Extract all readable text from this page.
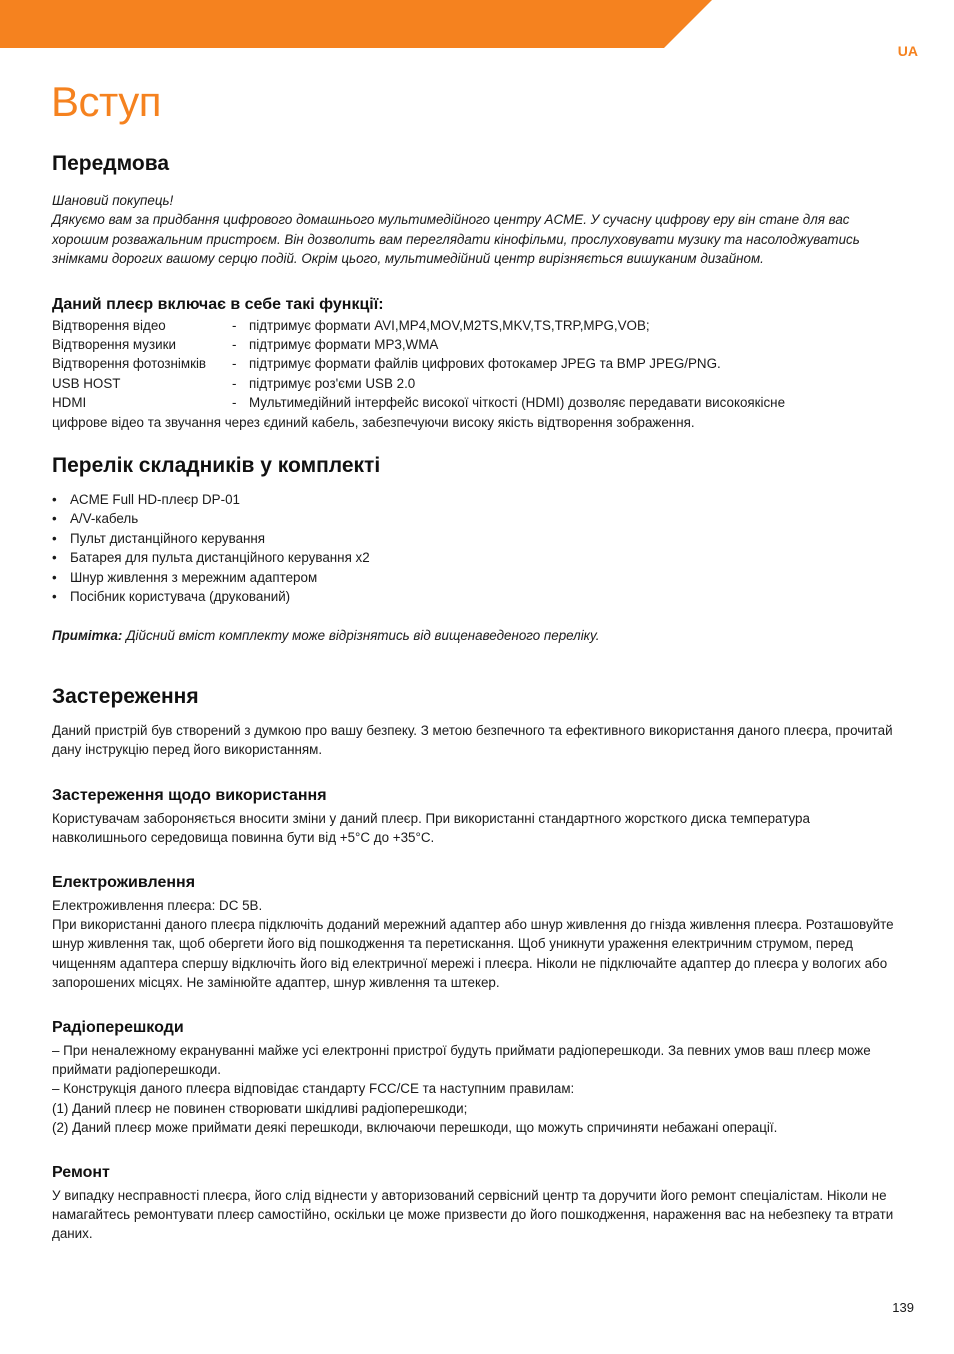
UA
Вступ
Передмова

Шановий покупець!

Дякуємо вам за придбання цифрового домашнього мультимедійного центру ACME. У сучасну цифрову еру він стане для вас хорошим розважальним пристроєм. Він дозволить вам переглядати кінофільми, прослуховувати музику та насолоджуватись знімками дорогих вашому серцю подій. Окрім цього, мультимедійний центр вирізняється вишуканим дизайном.

Даний плеєр включає в себе такі функції:
Відтворення відео	- підтримує формати AVI,MP4,MOV,M2TS,MKV,TS,TRP,MPG,VOB;
Відтворення музики	- підтримує формати MP3,WMA
Відтворення фотознімків	- підтримує формати файлів цифрових фотокамер JPEG та BMP JPEG/PNG.
USB HOST	- підтримує роз'єми USB 2.0
HDMI	- Мультимедійний інтерфейс високої чіткості (HDMI) дозволяє передавати високоякісне

цифрове відео та звучання через єдиний кабель, забезпечуючи високу якість відтворення зображення.

Перелік складників у комплекті
• ACME Full HD-плеєр DP-01
• A/V-кабель
• Пульт дистанційного керування
• Батарея для пульта дистанційного керування x2
• Шнур живлення з мережним адаптером
• Посібник користувача (друкований)

Примітка: Дійсний вміст комплекту може відрізнятись від вищенаведеного переліку.

Застереження

Даний пристрій був створений з думкою про вашу безпеку. З метою безпечного та ефективного використання даного плеєра, прочитай дану інструкцію перед його використанням.

Застереження щодо використання

Користувачам забороняється вносити зміни у даний плеєр. При використанні стандартного жорсткого диска температура навколишнього середовища повинна бути від +5°C до +35°C.

Електроживлення

Електроживлення плеєра: DC 5B.

При використанні даного плеєра підключіть доданий мережний адаптер або шнур живлення до гнізда живлення плеєра. Розташовуйте шнур живлення так, щоб обергети його від пошкодження та перетискання. Щоб уникнути ураження електричним струмом, перед чищенням адаптера спершу відключіть його від електричної мережі і плеєра. Ніколи не підключайте адаптер до плеєра у вологих або запорошених місцях. Не замінюйте адаптер, шнур живлення та штекер.

Радіоперешкоди

– При неналежному екрануванні майже усі електронні пристрої будуть приймати радіоперешкоди. За певних умов ваш плеєр може приймати радіоперешкоди.

– Конструкція даного плеєра відповідає стандарту FCC/CE та наступним правилам:

(1) Даний плеєр не повинен створювати шкідливі радіоперешкоди;

(2) Даний плеєр може приймати деякі перешкоди, включаючи перешкоди, що можуть спричиняти небажані операції.

Ремонт

У випадку несправності плеєра, його слід віднести у авторизований сервісний центр та доручити його ремонт спеціалістам. Ніколи не намагайтесь ремонтувати плеєр самостійно, оскільки це може призвести до його пошкодження, нараження вас на небезпеку та втрати даних.

139
